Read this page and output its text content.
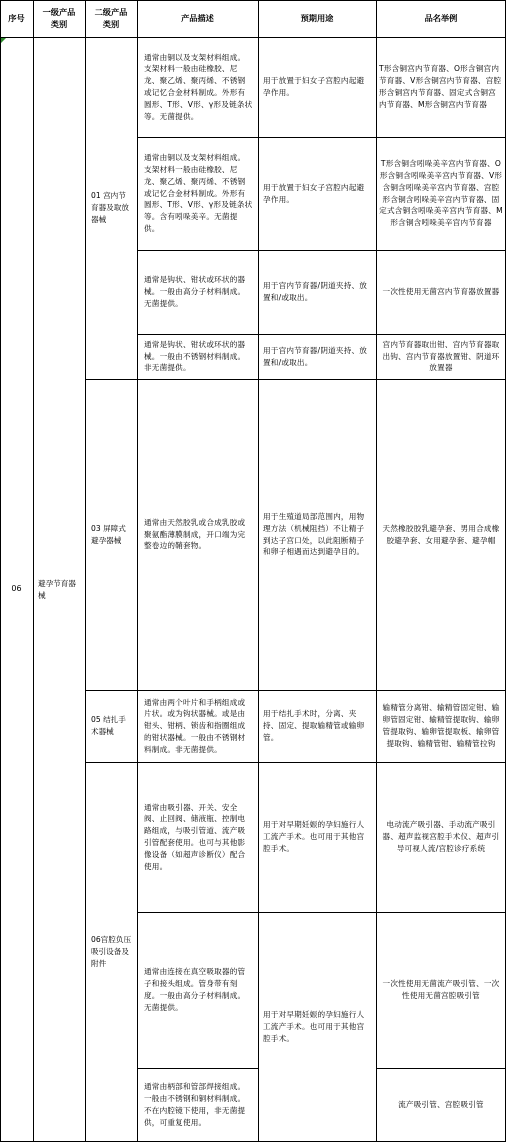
序号
一级产品类别
二级产品类别
产品描述	预期用途	品名举例
06
避孕节育器械
01 宫内节育器及取放器械
03 屏障式避孕器械
05 结扎手术器械
06宫腔负压吸引设备及附件
通常由铜以及支架材料组成。支架材料一般由硅橡胶、尼龙、聚乙烯、聚丙烯、不锈钢或记忆合金材料制成。外形有圆形、T形、V形、γ形及链条状等。无菌提供。
用于放置于妇女子宫腔内起避孕作用。
T形含铜宫内节育器、O形含铜宫内节育器、V形含铜宫内节育器、宫腔形含铜宫内节育器、固定式含铜宫内节育器、M形含铜宫内节育器
通常由铜以及支架材料组成。支架材料一般由硅橡胶、尼龙、聚乙烯、聚丙烯、不锈钢或记忆合金材料制成。外形有圆形、T形、V形、γ形及链条状等。含有吲哚美辛。无菌提供。
用于放置于妇女子宫腔内起避孕作用。
T形含铜含吲哚美辛宫内节育器、O形含铜含吲哚美辛宫内节育器、V形含铜含吲哚美辛宫内节育器、宫腔形含铜含吲哚美辛宫内节育器、固定式含铜含吲哚美辛宫内节育器、M形含铜含吲哚美辛宫内节育器
通常是钩状、钳状或环状的器械。一般由高分子材料制成。无菌提供。
用于宫内节育器/阴道夹持、放置和/或取出。
一次性使用无菌宫内节育器放置器
通常是钩状、钳状或环状的器械。一般由不锈钢材料制成。非无菌提供。
用于宫内节育器/阴道夹持、放置和/或取出。
宫内节育器取出钳、宫内节育器取出钩、宫内节育器放置钳、阴道环放置器
通常由天然胶乳或合成乳胶或聚氨酯薄膜制成，开口端为完整卷边的鞘套物。
用于生殖道局部范围内，用物理方法（机械阻挡）不让精子到达子宫口处，以此阻断精子和卵子相遇而达到避孕目的。
天然橡胶胶乳避孕套、男用合成橡胶避孕套、女用避孕套、避孕帽
通常由两个叶片和手柄组成或片状。或为钩状器械。或是由钳头、钳柄、锁齿和指圈组成的钳状器械。一般由不锈钢材料制成。非无菌提供。
用于结扎手术时，分离、夹持、固定、提取输精管或输卵管。
输精管分离钳、输精管固定钳、输卵管固定钳、输精管提取钩、输卵管提取钩、输卵管提取板、输卵管提取钩、输精管钳、输精管拉钩
通常由吸引器、开关、安全阀、止回阀、储液瓶、控制电路组成，与吸引管道、流产吸引管配套使用。也可与其他影像设备（如超声诊断仪）配合使用。
用于对早期妊娠的孕妇施行人工流产手术。也可用于其他宫腔手术。
电动流产吸引器、手动流产吸引器、超声监视宫腔手术仪、超声引导可视人流/宫腔诊疗系统
通常由连接在真空吸取器的管子和接头组成。管身带有刻度。一般由高分子材料制成。无菌提供。
用于对早期妊娠的孕妇施行人工流产手术。也可用于其他宫腔手术。
一次性使用无菌流产吸引管、一次性使用无菌宫腔吸引管
通常由柄部和管部焊接组成。一般由不锈钢和铜材料制成。不在内腔镜下使用，非无菌提供，可重复使用。
流产吸引管、宫腔吸引管
